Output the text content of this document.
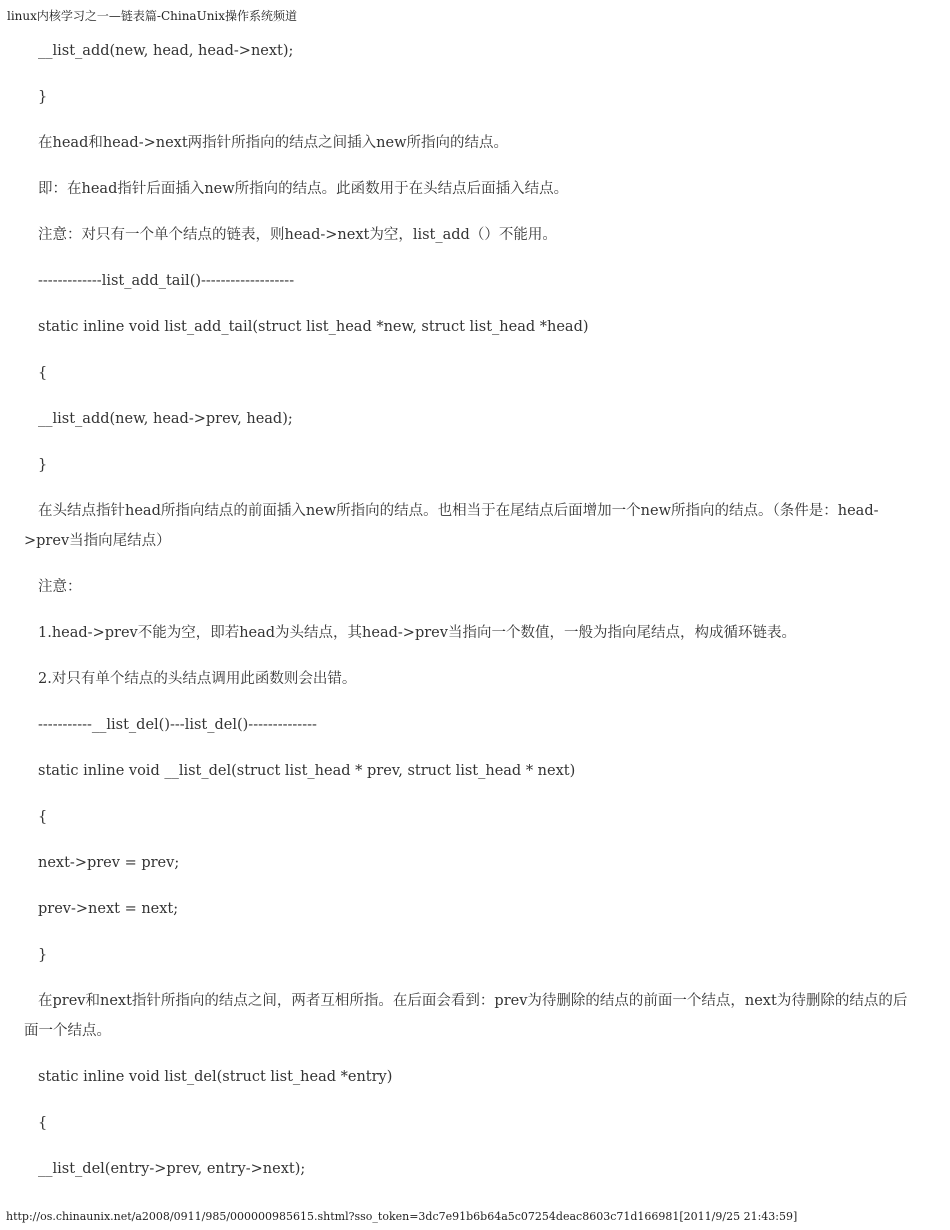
linux内核学习之一—链表篇-ChinaUnix操作系统频道

__list_add(new, head, head->next);

}

在head和head->next两指针所指向的结点之间插入new所指向的结点。

即：在head指针后面插入new所指向的结点。此函数用于在头结点后面插入结点。

注意：对只有一个单个结点的链表，则head->next为空，list_add（）不能用。

-------------list_add_tail()-------------------

static inline void list_add_tail(struct list_head *new, struct list_head *head)

{

__list_add(new, head->prev, head);

}

在头结点指针head所指向结点的前面插入new所指向的结点。也相当于在尾结点后面增加一个new所指向的结点。（条件是：head->prev当指向尾结点）

注意：

1.head->prev不能为空，即若head为头结点，其head->prev当指向一个数值，一般为指向尾结点，构成循环链表。

2.对只有单个结点的头结点调用此函数则会出错。

-----------__list_del()---list_del()--------------

static inline void __list_del(struct list_head * prev, struct list_head * next)

{

next->prev = prev;

prev->next = next;

}

在prev和next指针所指向的结点之间，两者互相所指。在后面会看到：prev为待删除的结点的前面一个结点，next为待删除的结点的后面一个结点。

static inline void list_del(struct list_head *entry)

{

__list_del(entry->prev, entry->next);

http://os.chinaunix.net/a2008/0911/985/000000985615.shtml?sso_token=3dc7e91b6b64a5c07254deac8603c71d166981[2011/9/25 21:43:59]
